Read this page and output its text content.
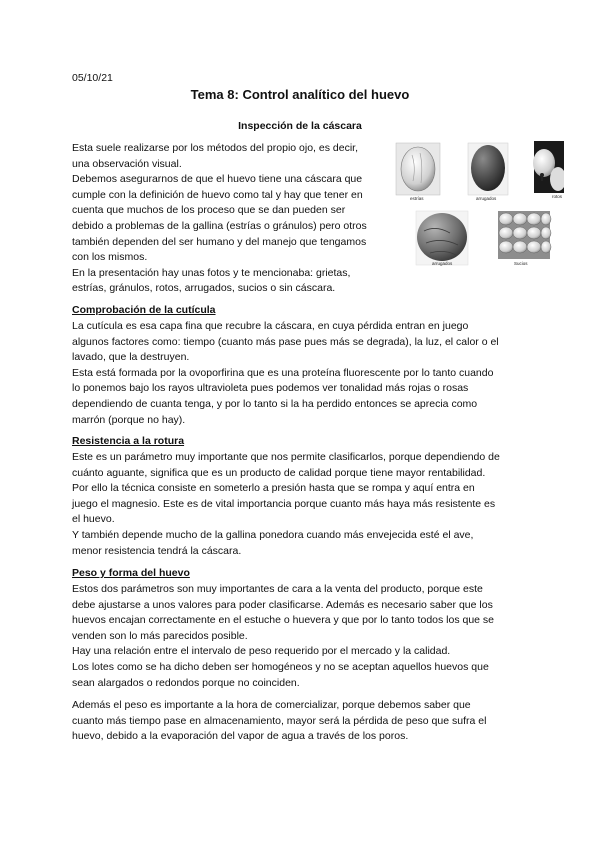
05/10/21
Tema 8: Control analítico del huevo
Inspección de la cáscara
Esta suele realizarse por los métodos del propio ojo, es decir,
una observación visual.
Debemos asegurarnos de que el huevo tiene una cáscara que
cumple con la definición de huevo como tal y hay que tener en
cuenta que muchos de los proceso que se dan pueden ser
debido a problemas de la gallina (estrías o gránulos) pero otros
también dependen del ser humano y del manejo que tengamos
con los mismos.
En la presentación hay unas fotos y te mencionaba: grietas,
estrías, gránulos, rotos, arrugados, sucios o sin cáscara.
estrías	arrugados	rotos
arrugados	Sucios
Comprobación de la cutícula
La cutícula es esa capa fina que recubre la cáscara, en cuya pérdida entran en juego
algunos factores como: tiempo (cuanto más pase pues más se degrada), la luz, el calor o el
lavado, que la destruyen.
Esta está formada por la ovoporfirina que es una proteína fluorescente por lo tanto cuando
lo ponemos bajo los rayos ultravioleta pues podemos ver tonalidad más rojas o rosas
dependiendo de cuanta tenga, y por lo tanto si la ha perdido entonces se aprecia como
marrón (porque no hay).
Resistencia a la rotura
Este es un parámetro muy importante que nos permite clasificarlos, porque dependiendo de
cuánto aguante, significa que es un producto de calidad porque tiene mayor rentabilidad.
Por ello la técnica consiste en someterlo a presión hasta que se rompa y aquí entra en
juego el magnesio. Este es de vital importancia porque cuanto más haya más resistente es
el huevo.
Y también depende mucho de la gallina ponedora cuando más envejecida esté el ave,
menor resistencia tendrá la cáscara.
Peso y forma del huevo
Estos dos parámetros son muy importantes de cara a la venta del producto, porque este
debe ajustarse a unos valores para poder clasificarse. Además es necesario saber que los
huevos encajan correctamente en el estuche o huevera y que por lo tanto todos los que se
venden son lo más parecidos posible.
Hay una relación entre el intervalo de peso requerido por el mercado y la calidad.
Los lotes como se ha dicho deben ser homogéneos y no se aceptan aquellos huevos que
sean alargados o redondos porque no coinciden.
Además el peso es importante a la hora de comercializar, porque debemos saber que
cuanto más tiempo pase en almacenamiento, mayor será la pérdida de peso que sufra el
huevo, debido a la evaporación del vapor de agua a través de los poros.
